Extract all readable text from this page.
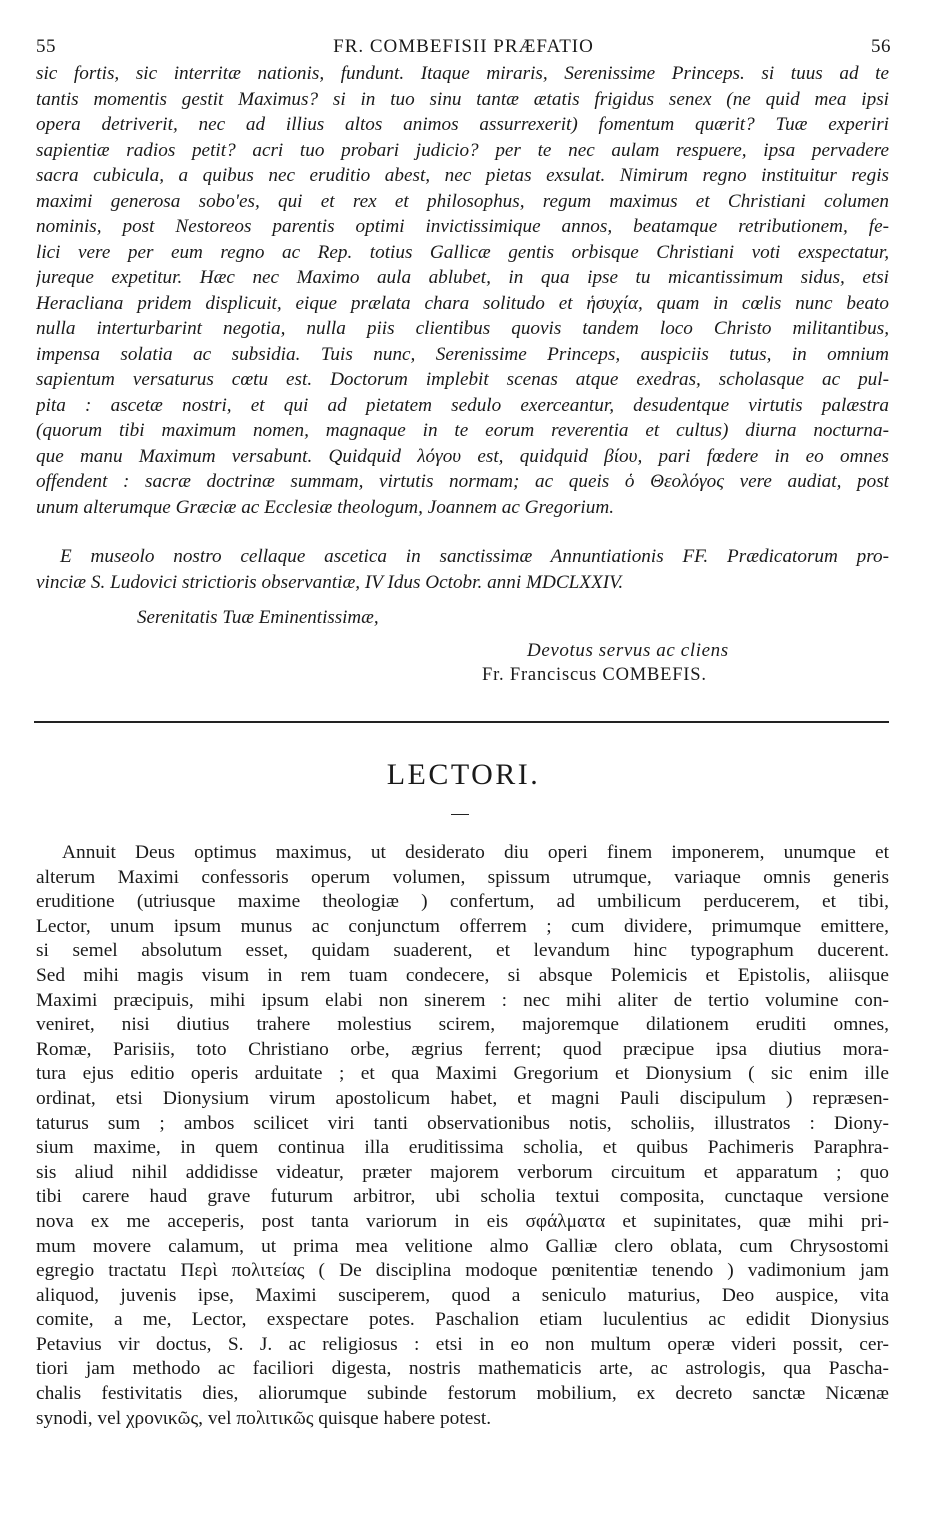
55	FR. COMBEFISII PRÆFATIO	56
sic fortis, sic interritæ nationis, fundunt. Itaque miraris, Serenissime Princeps. si tuus ad te
tantis momentis gestit Maximus? si in tuo sinu tantæ ætatis frigidus senex (ne quid mea ipsi
opera detriverit, nec ad illius altos animos assurrexerit) fomentum quærit? Tuæ experiri
sapientiæ radios petit? acri tuo probari judicio? per te nec aulam respuere, ipsa pervadere
sacra cubicula, a quibus nec eruditio abest, nec pietas exsulat. Nimirum regno instituitur regis
maximi generosa sobo'es, qui et rex et philosophus, regum maximus et Christiani columen
nominis, post Nestoreos parentis optimi invictissimique annos, beatamque retributionem, fe-
lici vere per eum regno ac Rep. totius Gallicæ gentis orbisque Christiani voti exspectatur,
jureque expetitur. Hæc nec Maximo aula ablubet, in qua ipse tu micantissimum sidus, etsi
Heracliana pridem displicuit, eique prælata chara solitudo et ἡσυχία, quam in cœlis nunc beato
nulla interturbarint negotia, nulla piis clientibus quovis tandem loco Christo militantibus,
impensa solatia ac subsidia. Tuis nunc, Serenissime Princeps, auspiciis tutus, in omnium
sapientum versaturus cœtu est. Doctorum implebit scenas atque exedras, scholasque ac pul-
pita : ascetæ nostri, et qui ad pietatem sedulo exerceantur, desudentque virtutis palæstra
(quorum tibi maximum nomen, magnaque in te eorum reverentia et cultus) diurna nocturna-
que manu Maximum versabunt. Quidquid λόγου est, quidquid βίου, pari fœdere in eo omnes
offendent : sacræ doctrinæ summam, virtutis normam; ac queis ὁ Θεολόγος vere audiat, post
unum alterumque Græciæ ac Ecclesiæ theologum, Joannem ac Gregorium.
E museolo nostro cellaque ascetica in sanctissimæ Annuntiationis FF. Prædicatorum pro-
vinciæ S. Ludovici strictioris observantiæ, IV Idus Octobr. anni MDCLXXIV.
Serenitatis Tuæ Eminentissimæ,
Devotus servus ac cliens
Fr. Franciscus COMBEFIS.
LECTORI.
Annuit Deus optimus maximus, ut desiderato diu operi finem imponerem, unumque et
alterum Maximi confessoris operum volumen, spissum utrumque, variaque omnis generis
eruditione (utriusque maxime theologiæ ) confertum, ad umbilicum perducerem, et tibi,
Lector, unum ipsum munus ac conjunctum offerrem ; cum dividere, primumque emittere,
si semel absolutum esset, quidam suaderent, et levandum hinc typographum ducerent.
Sed mihi magis visum in rem tuam condecere, si absque Polemicis et Epistolis, aliisque
Maximi præcipuis, mihi ipsum elabi non sinerem : nec mihi aliter de tertio volumine con-
veniret, nisi diutius trahere molestius scirem, majoremque dilationem eruditi omnes,
Romæ, Parisiis, toto Christiano orbe, ægrius ferrent; quod præcipue ipsa diutius mora-
tura ejus editio operis arduitate ; et qua Maximi Gregorium et Dionysium ( sic enim ille
ordinat, etsi Dionysium virum apostolicum habet, et magni Pauli discipulum ) repræsen-
taturus sum ; ambos scilicet viri tanti observationibus notis, scholiis, illustratos : Diony-
sium maxime, in quem continua illa eruditissima scholia, et quibus Pachimeris Paraphra-
sis aliud nihil addidisse videatur, præter majorem verborum circuitum et apparatum ; quo
tibi carere haud grave futurum arbitror, ubi scholia textui composita, cunctaque versione
nova ex me acceperis, post tanta variorum in eis σφάλματα et supinitates, quæ mihi pri-
mum movere calamum, ut prima mea velitione almo Galliæ clero oblata, cum Chrysostomi
egregio tractatu Περὶ πολιτείας ( De disciplina modoque pœnitentiæ tenendo ) vadimonium jam
aliquod, juvenis ipse, Maximi susciperem, quod a seniculo maturius, Deo auspice, vita
comite, a me, Lector, exspectare potes. Paschalion etiam luculentius ac edidit Dionysius
Petavius vir doctus, S. J. ac religiosus : etsi in eo non multum operæ videri possit, cer-
tiori jam methodo ac faciliori digesta, nostris mathematicis arte, ac astrologis, qua Pascha-
chalis festivitatis dies, aliorumque subinde festorum mobilium, ex decreto sanctæ Nicænæ
synodi, vel χρονικῶς, vel πολιτικῶς quisque habere potest.
